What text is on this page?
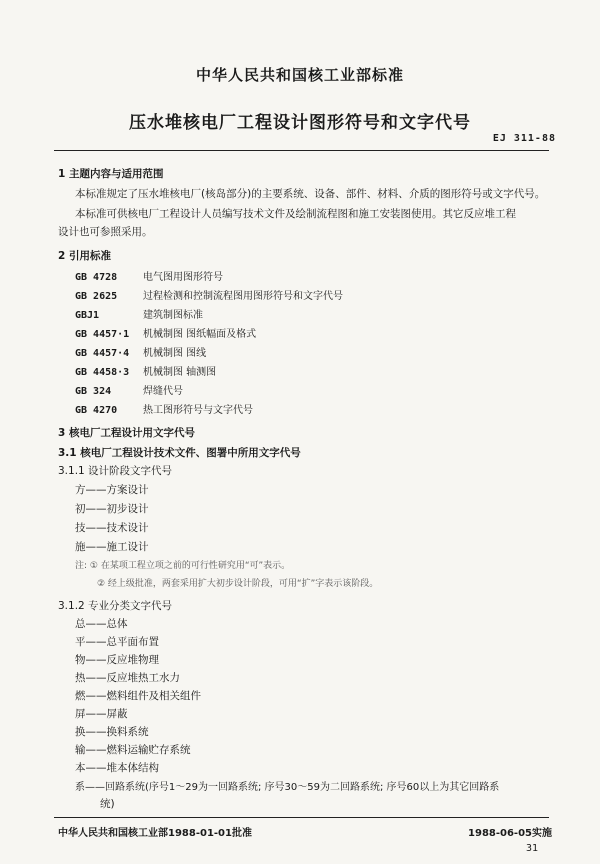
中华人民共和国核工业部标准
压水堆核电厂工程设计图形符号和文字代号
EJ 311-88
1 主题内容与适用范围
本标准规定了压水堆核电厂(核岛部分)的主要系统、设备、部件、材料、介质的图形符号或文字代号。
本标准可供核电厂工程设计人员编写技术文件及绘制流程图和施工安装图使用。其它反应堆工程
设计也可参照采用。
2 引用标准
GB 4728	电气图用图形符号
GB 2625	过程检测和控制流程图用图形符号和文字代号
GBJ1	建筑制图标准
GB 4457·1 机械制图 图纸幅面及格式
GB 4457·4 机械制图 图线
GB 4458·3 机械制图 轴测图
GB 324	焊缝代号
GB 4270	热工图形符号与文字代号
3 核电厂工程设计用文字代号
3.1 核电厂工程设计技术文件、图署中所用文字代号
3.1.1 设计阶段文字代号
方——方案设计
初——初步设计
技——技术设计
施——施工设计
注: ① 在某项工程立项之前的可行性研究用“可”表示。
② 经上级批准，两套采用扩大初步设计阶段，可用“扩”字表示该阶段。
3.1.2 专业分类文字代号
总——总体
平——总平面布置
物——反应堆物理
热——反应堆热工水力
燃——燃料组件及相关组件
屏——屏蔽
换——换料系统
输——燃料运输贮存系统
本——堆本体结构
系——回路系统(序号1～29为一回路系统; 序号30～59为二回路系统; 序号60以上为其它回路系
统)
中华人民共和国核工业部1988-01-01批准	1988-06-05实施
31
